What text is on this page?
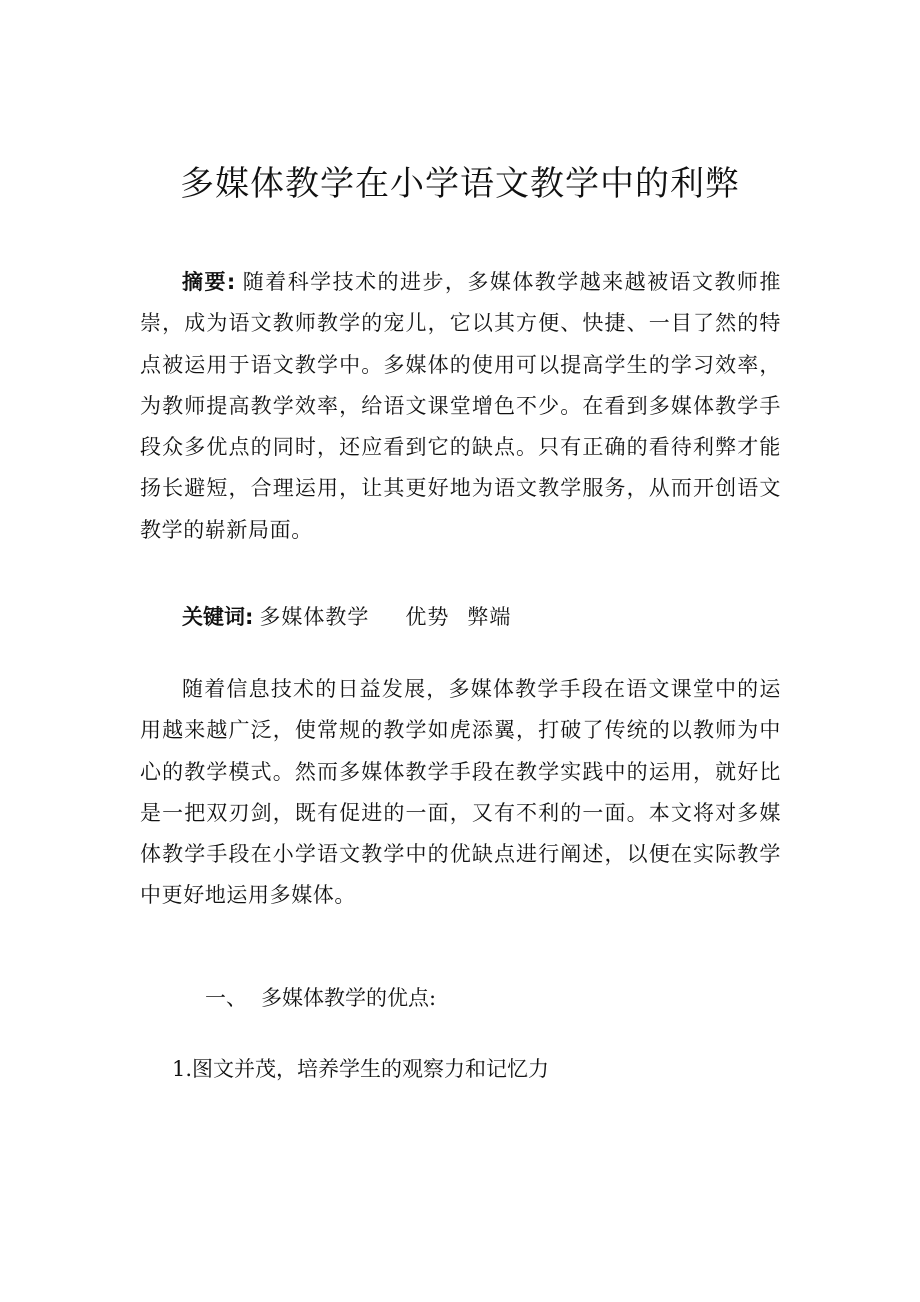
多媒体教学在小学语文教学中的利弊

摘要: 随着科学技术的进步，多媒体教学越来越被语文教师推崇，成为语文教师教学的宠儿，它以其方便、快捷、一目了然的特点被运用于语文教学中。多媒体的使用可以提高学生的学习效率，为教师提高教学效率，给语文课堂增色不少。在看到多媒体教学手段众多优点的同时，还应看到它的缺点。只有正确的看待利弊才能扬长避短，合理运用，让其更好地为语文教学服务，从而开创语文教学的崭新局面。

关键词: 多媒体教学 优势 弊端

随着信息技术的日益发展，多媒体教学手段在语文课堂中的运用越来越广泛，使常规的教学如虎添翼，打破了传统的以教师为中心的教学模式。然而多媒体教学手段在教学实践中的运用，就好比是一把双刃剑，既有促进的一面，又有不利的一面。本文将对多媒体教学手段在小学语文教学中的优缺点进行阐述，以便在实际教学中更好地运用多媒体。

一、 多媒体教学的优点:
1.图文并茂，培养学生的观察力和记忆力
